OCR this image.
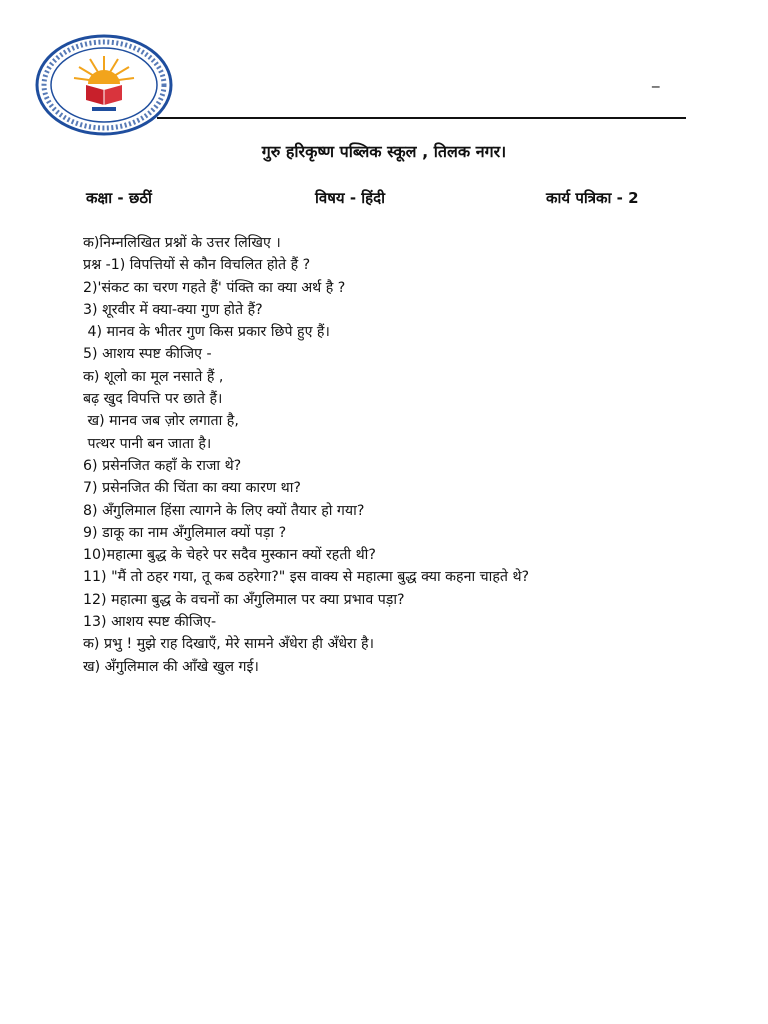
_
गुरु हरिकृष्ण पब्लिक स्कूल , तिलक नगर।
कक्षा - छठीं	विषय - हिंदी	कार्य पत्रिका - 2
क)निम्नलिखित प्रश्नों के उत्तर लिखिए ।
प्रश्न -1) विपत्तियों से कौन विचलित होते हैं ?
2)'संकट का चरण गहते हैं' पंक्ति का क्या अर्थ है ?
3) शूरवीर में क्या-क्या गुण होते हैं?
4) मानव के भीतर गुण किस प्रकार छिपे हुए हैं।
5) आशय स्पष्ट कीजिए -
क) शूलो का मूल नसाते हैं ,
बढ़ खुद विपत्ति पर छाते हैं।
ख) मानव जब ज़ोर लगाता है,
पत्थर पानी बन जाता है।
6) प्रसेनजित कहाँ के राजा थे?
7) प्रसेनजित की चिंता का क्या कारण था?
8) अँगुलिमाल हिंसा त्यागने के लिए क्यों तैयार हो गया?
9) डाकू का नाम अँगुलिमाल क्यों पड़ा ?
10)महात्मा बुद्ध के चेहरे पर सदैव मुस्कान क्यों रहती थी?
11) "मैं तो ठहर गया, तू कब ठहरेगा?" इस वाक्य से महात्मा बुद्ध क्या कहना चाहते थे?
12) महात्मा बुद्ध के वचनों का अँगुलिमाल पर क्या प्रभाव पड़ा?
13) आशय स्पष्ट कीजिए-
क) प्रभु ! मुझे राह दिखाएँ, मेरे सामने अँधेरा ही अँधेरा है।
ख) अँगुलिमाल की आँखे खुल गई।
